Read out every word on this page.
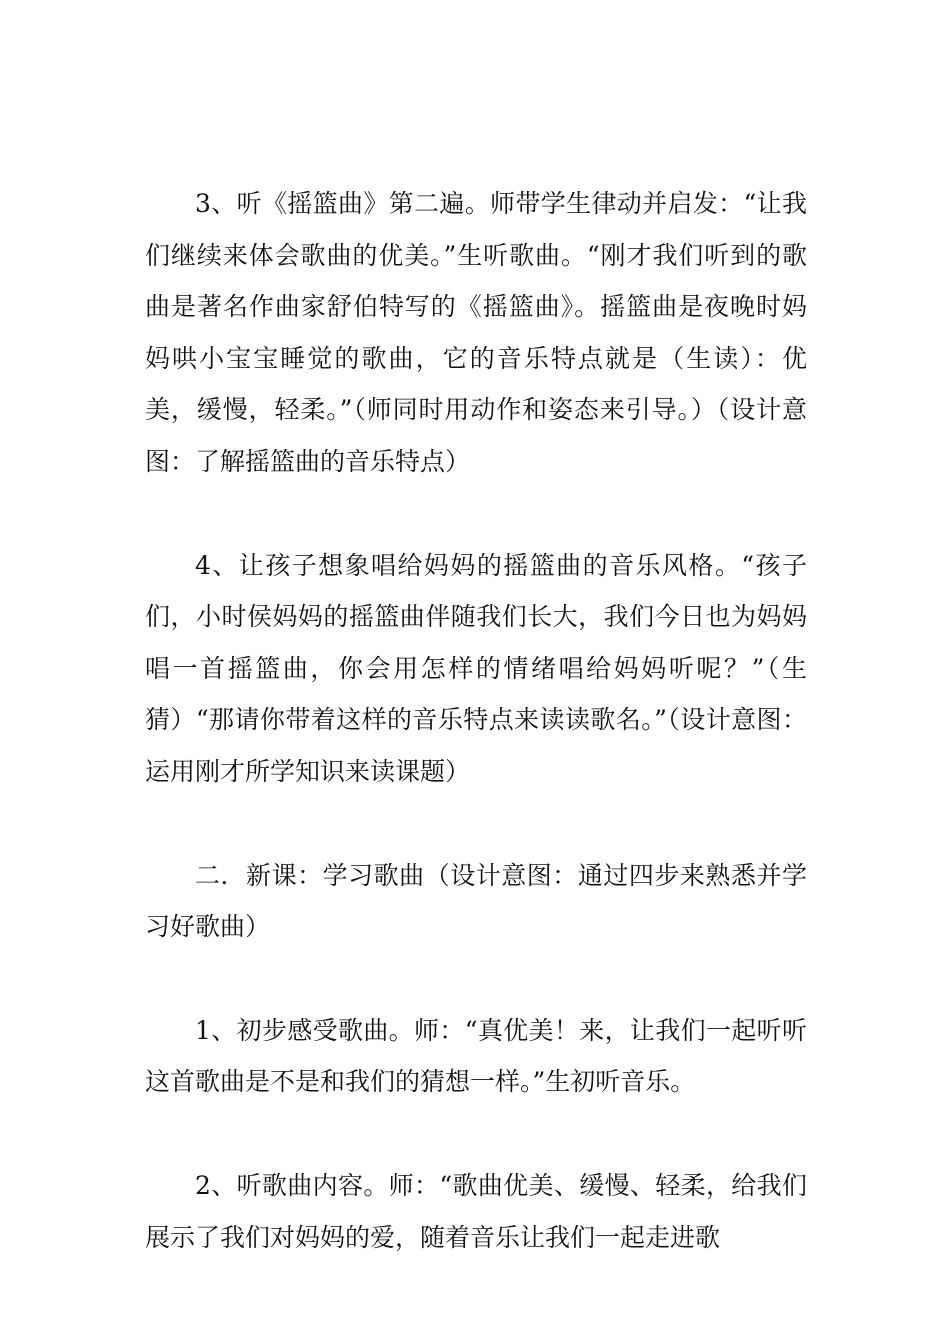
3、听《摇篮曲》第二遍。师带学生律动并启发：“让我们继续来体会歌曲的优美。”生听歌曲。“刚才我们听到的歌曲是著名作曲家舒伯特写的《摇篮曲》。摇篮曲是夜晚时妈妈哄小宝宝睡觉的歌曲，它的音乐特点就是（生读）：优美，缓慢，轻柔。”（师同时用动作和姿态来引导。）（设计意图：了解摇篮曲的音乐特点）

4、让孩子想象唱给妈妈的摇篮曲的音乐风格。“孩子们，小时侯妈妈的摇篮曲伴随我们长大，我们今日也为妈妈唱一首摇篮曲，你会用怎样的情绪唱给妈妈听呢？”（生猜）“那请你带着这样的音乐特点来读读歌名。”（设计意图：运用刚才所学知识来读课题）

二．新课：学习歌曲（设计意图：通过四步来熟悉并学习好歌曲）

1、初步感受歌曲。师：“真优美！来，让我们一起听听这首歌曲是不是和我们的猜想一样。”生初听音乐。

2、听歌曲内容。师：“歌曲优美、缓慢、轻柔，给我们展示了我们对妈妈的爱，随着音乐让我们一起走进歌
